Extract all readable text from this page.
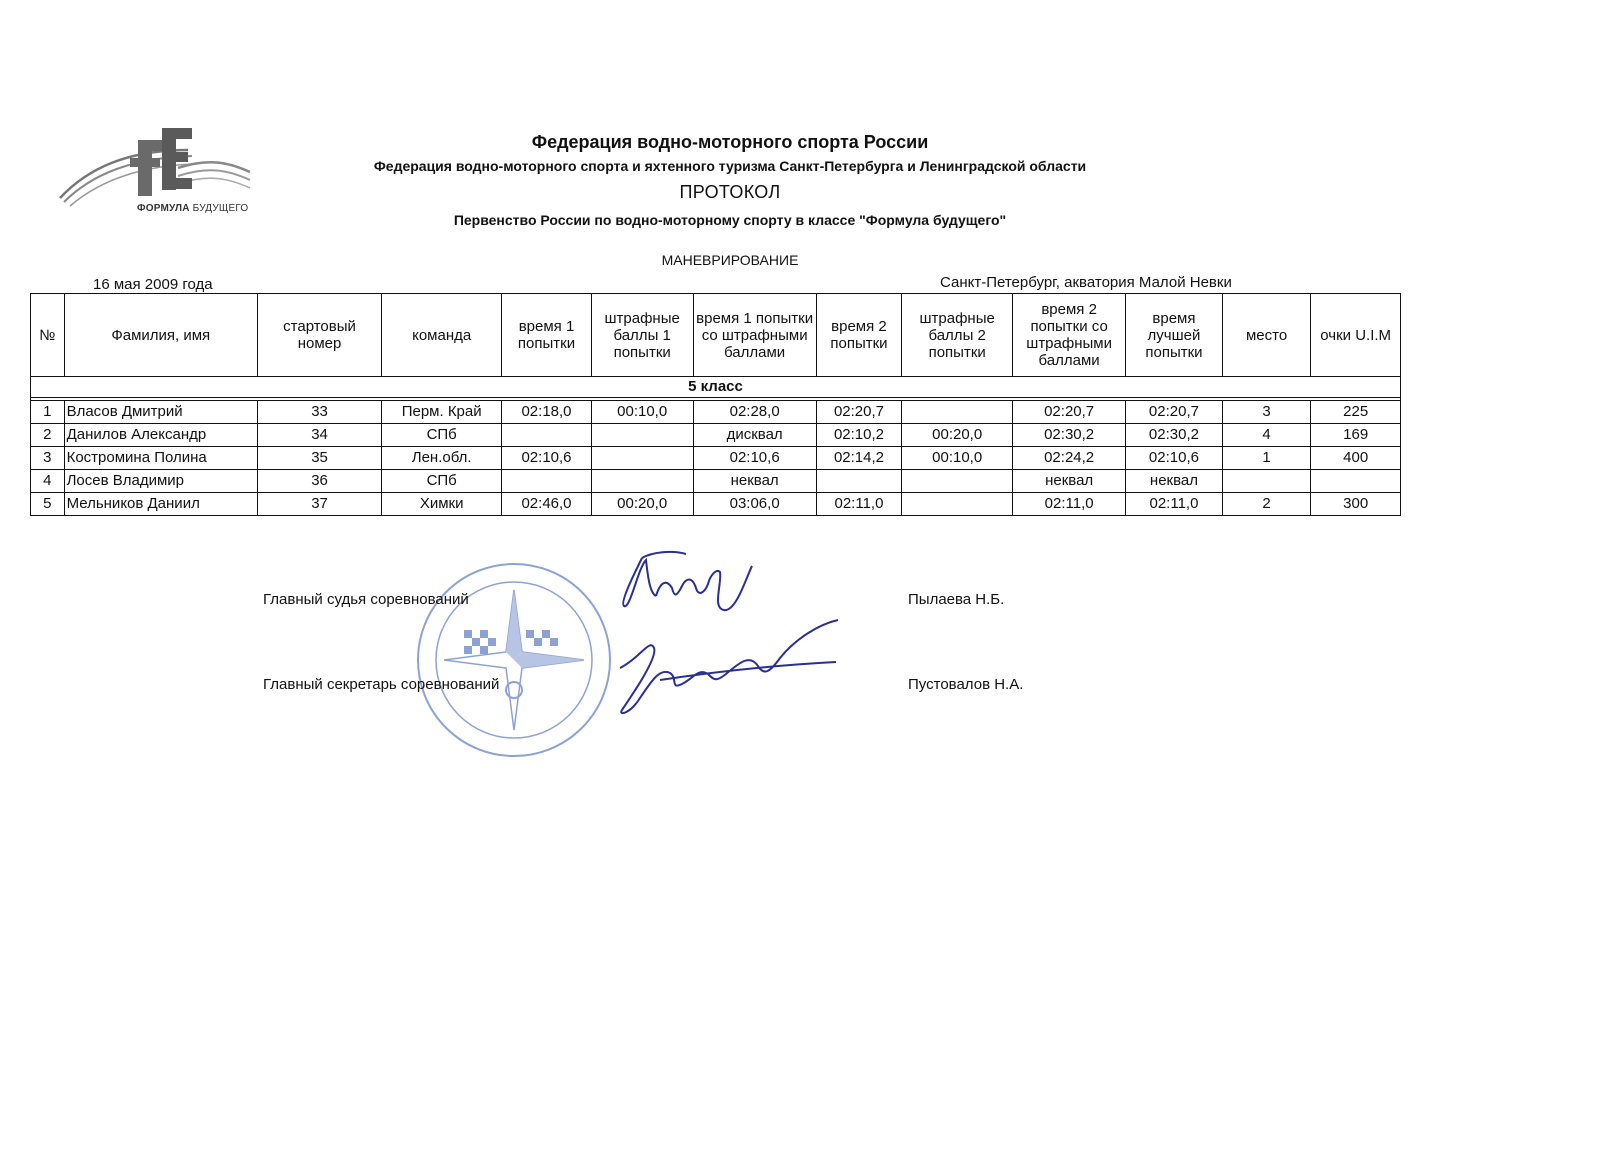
ФОРМУЛА БУДУЩЕГО
Федерация водно-моторного спорта России
Федерация водно-моторного спорта и яхтенного туризма Санкт-Петербурга и Ленинградской области
ПРОТОКОЛ
Первенство России по водно-моторному спорту в классе "Формула будущего"
МАНЕВРИРОВАНИЕ
16 мая 2009 года	Санкт-Петербург, акватория Малой Невки
№	Фамилия, имя	стартовый номер	команда	время 1 попытки	штрафные баллы 1 попытки	время 1 попытки со штрафными баллами	время 2 попытки	штрафные баллы 2 попытки	время 2 попытки со штрафными баллами	время лучшей попытки	место	очки U.I.M
5 класс												

1	Власов Дмитрий	33	Перм. Край	02:18,0	00:10,0	02:28,0	02:20,7		02:20,7	02:20,7	3	225
2	Данилов Александр	34	СПб			дисквал	02:10,2	00:20,0	02:30,2	02:30,2	4	169
3	Костромина Полина	35	Лен.обл.	02:10,6		02:10,6	02:14,2	00:10,0	02:24,2	02:10,6	1	400
4	Лосев Владимир	36	СПб			неквал			неквал	неквал		
5	Мельников Даниил	37	Химки	02:46,0	00:20,0	03:06,0	02:11,0		02:11,0	02:11,0	2	300
Главный судья соревнований	Пылаева Н.Б.
Главный секретарь соревнований	Пустовалов Н.А.
